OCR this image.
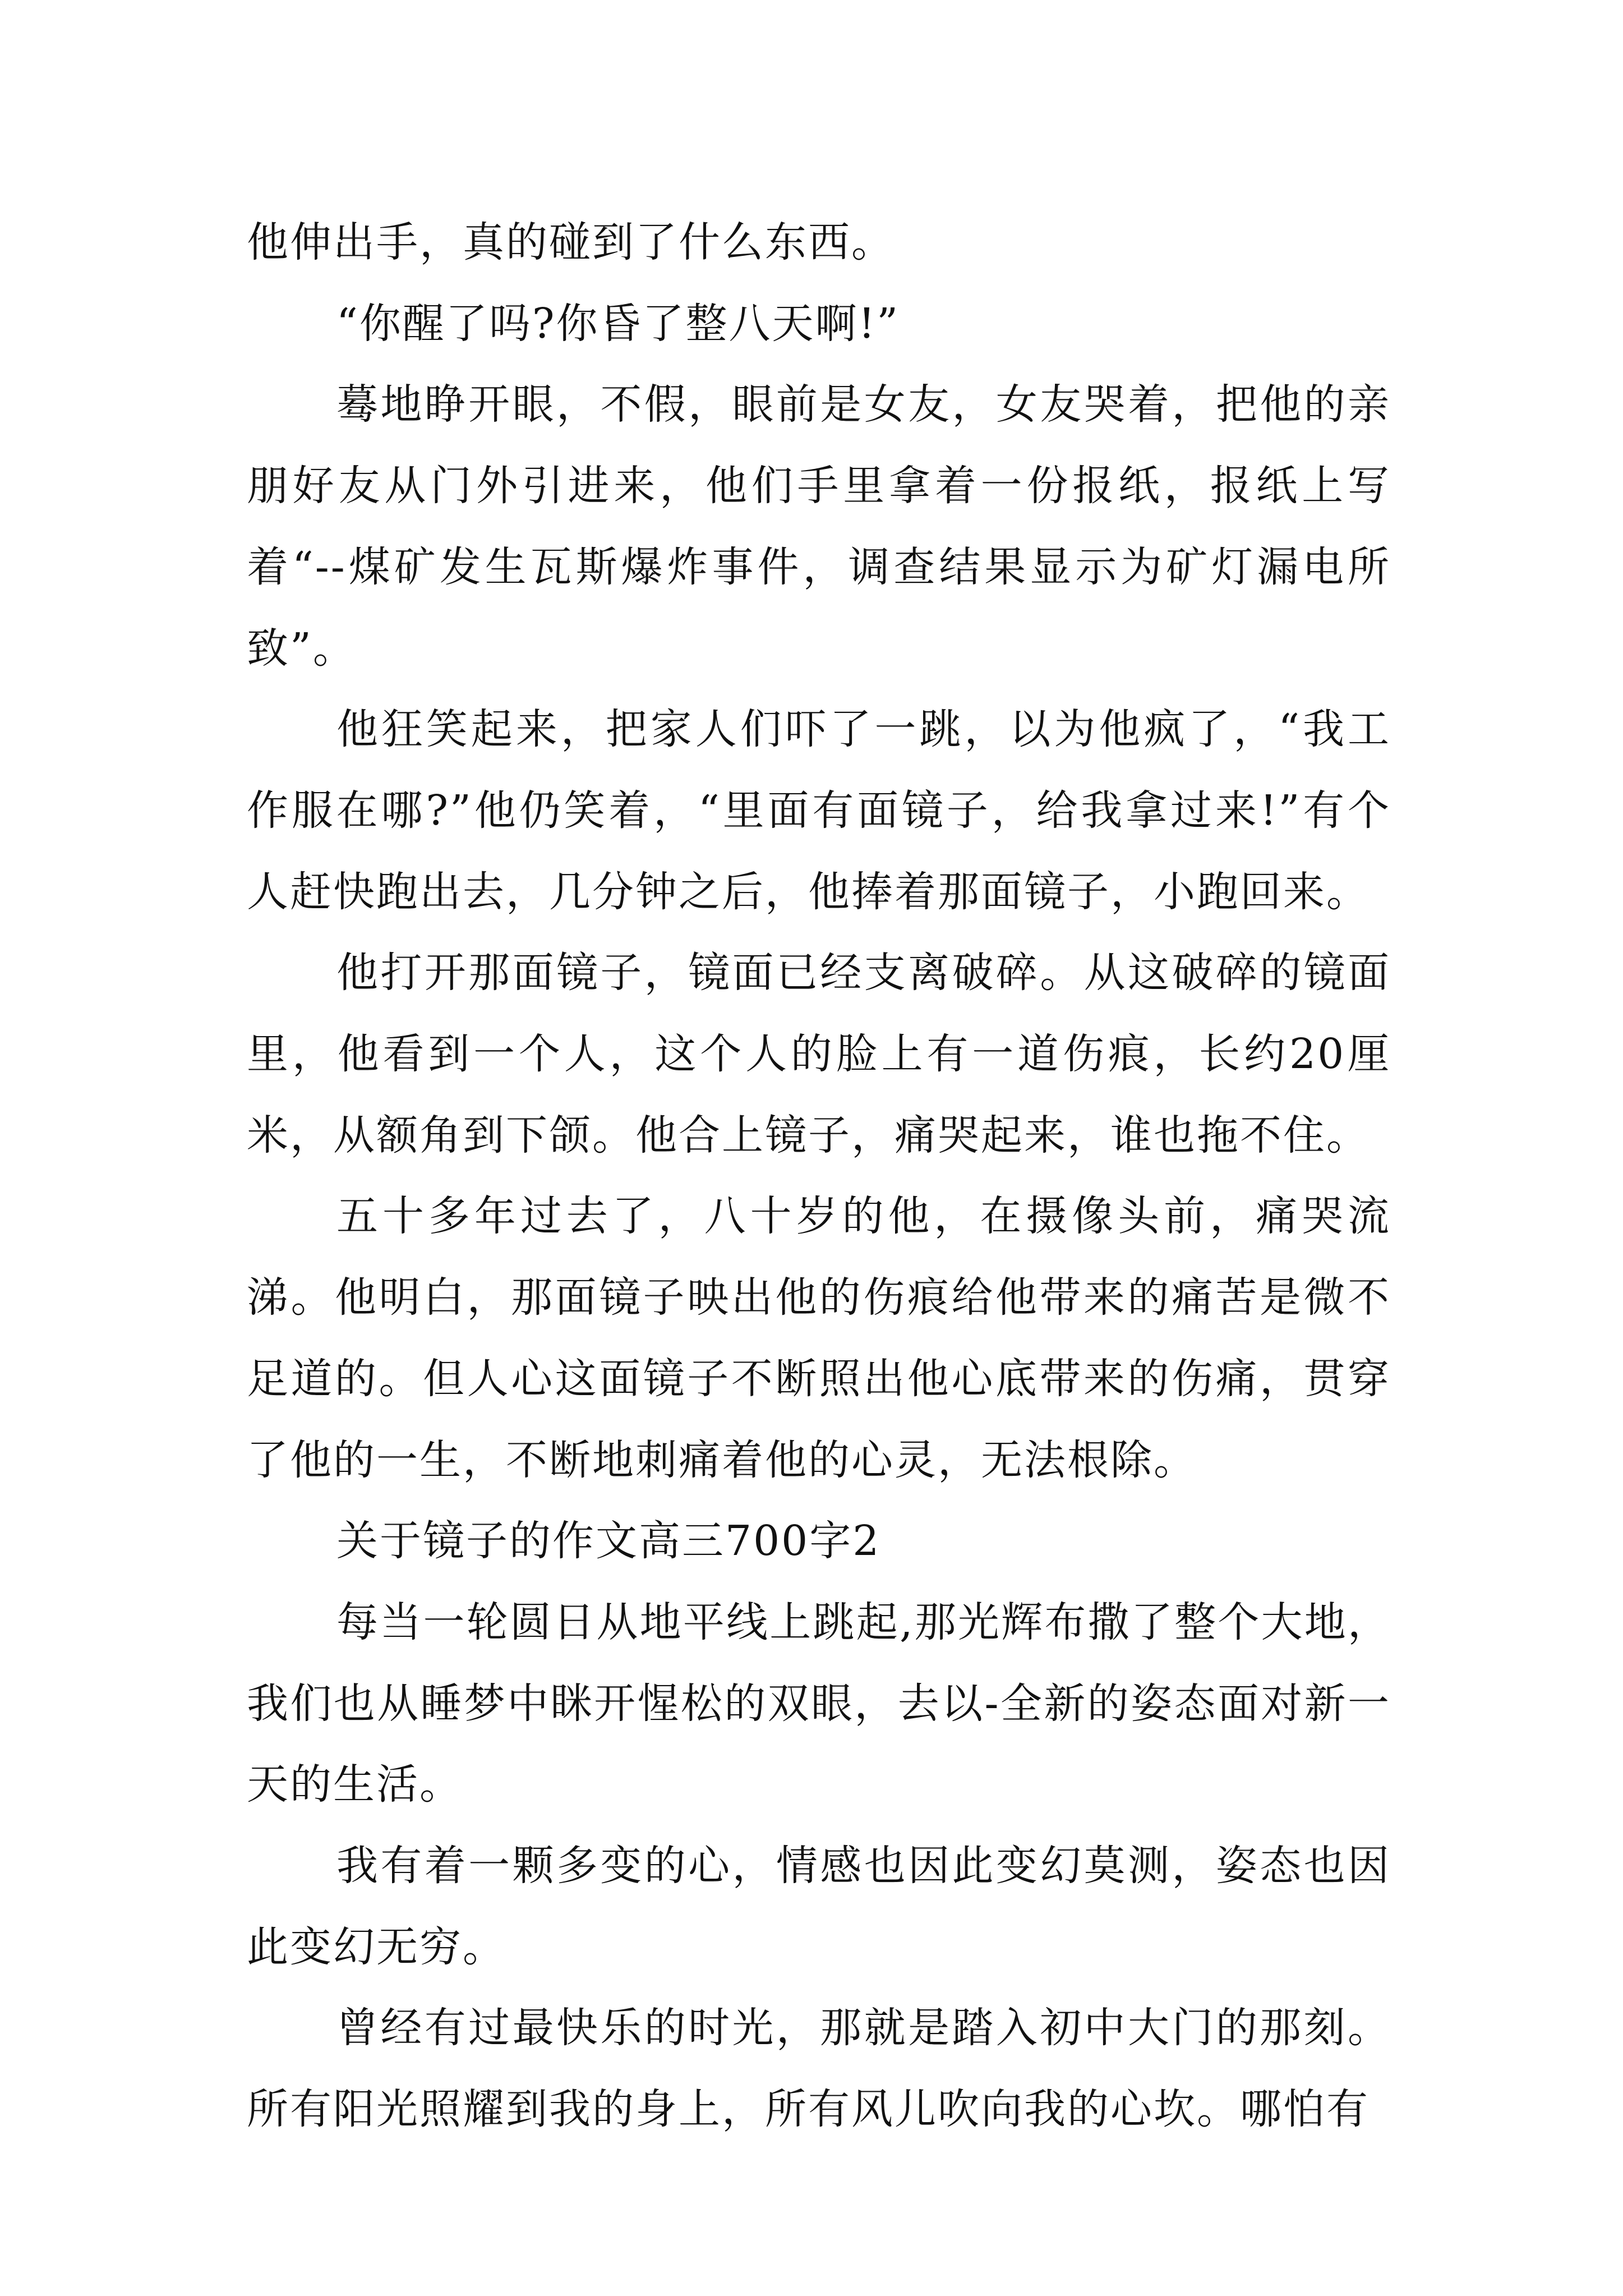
他伸出手，真的碰到了什么东西。

“你醒了吗?你昏了整八天啊!”

蓦地睁开眼，不假，眼前是女友，女友哭着，把他的亲朋好友从门外引进来，他们手里拿着一份报纸，报纸上写着“--煤矿发生瓦斯爆炸事件，调查结果显示为矿灯漏电所致”。

他狂笑起来，把家人们吓了一跳，以为他疯了，“我工作服在哪?”他仍笑着，“里面有面镜子，给我拿过来!”有个人赶快跑出去，几分钟之后，他捧着那面镜子，小跑回来。

他打开那面镜子，镜面已经支离破碎。从这破碎的镜面里，他看到一个人，这个人的脸上有一道伤痕，长约20厘米，从额角到下颌。他合上镜子，痛哭起来，谁也拖不住。

五十多年过去了，八十岁的他，在摄像头前，痛哭流涕。他明白，那面镜子映出他的伤痕给他带来的痛苦是微不足道的。但人心这面镜子不断照出他心底带来的伤痛，贯穿了他的一生，不断地刺痛着他的心灵，无法根除。

关于镜子的作文高三700字2

每当一轮圆日从地平线上跳起,那光辉布撒了整个大地，我们也从睡梦中眯开惺松的双眼，去以-全新的姿态面对新一天的生活。

我有着一颗多变的心，情感也因此变幻莫测，姿态也因此变幻无穷。

曾经有过最快乐的时光，那就是踏入初中大门的那刻。所有阳光照耀到我的身上，所有风儿吹向我的心坎。哪怕有
